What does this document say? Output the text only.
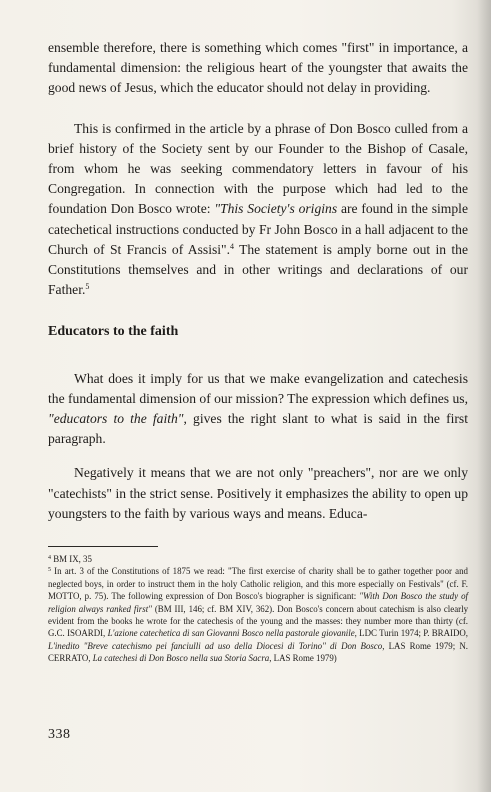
ensemble therefore, there is something which comes "first" in importance, a fundamental dimension: the religious heart of the youngster that awaits the good news of Jesus, which the educator should not delay in providing.

This is confirmed in the article by a phrase of Don Bosco culled from a brief history of the Society sent by our Founder to the Bishop of Casale, from whom he was seeking commendatory letters in favour of his Congregation. In connection with the purpose which had led to the foundation Don Bosco wrote: "This Society's origins are found in the simple catechetical instructions conducted by Fr John Bosco in a hall adjacent to the Church of St Francis of Assisi".$^4$ The statement is amply borne out in the Constitutions themselves and in other writings and declarations of our Father.$^5$

Educators to the faith

What does it imply for us that we make evangelization and catechesis the fundamental dimension of our mission? The expression which defines us, "educators to the faith", gives the right slant to what is said in the first paragraph.

Negatively it means that we are not only "preachers", nor are we only "catechists" in the strict sense. Positively it emphasizes the ability to open up youngsters to the faith by various ways and means. Educa-

$^4$ BM IX, 35

$^5$ In art. 3 of the Constitutions of 1875 we read: "The first exercise of charity shall be to gather together poor and neglected boys, in order to instruct them in the holy Catholic religion, and this more especially on Festivals" (cf. F. MOTTO, p. 75). The following expression of Don Bosco's biographer is significant: "With Don Bosco the study of religion always ranked first" (BM III, 146; cf. BM XIV, 362). Don Bosco's concern about catechism is also clearly evident from the books he wrote for the catechesis of the young and the masses: they number more than thirty (cf. G.C. ISOARDI, L'azione catechetica di san Giovanni Bosco nella pastorale giovanile, LDC Turin 1974; P. BRAIDO, L'inedito "Breve catechismo pei fanciulli ad uso della Diocesi di Torino" di Don Bosco, LAS Rome 1979; N. CERRATO, La catechesi di Don Bosco nella sua Storia Sacra, LAS Rome 1979)

338
